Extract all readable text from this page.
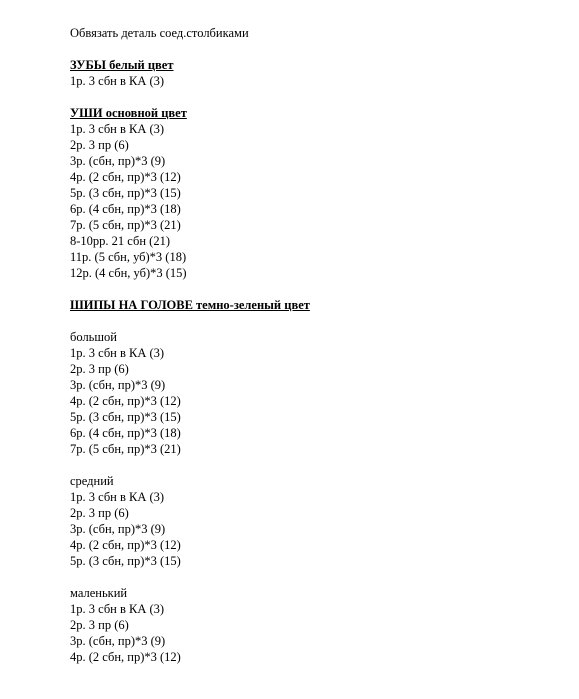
Обвязать деталь соед.столбиками
ЗУБЫ белый цвет
1р. 3 сбн в КА (3)
УШИ основной цвет
1р. 3 сбн в КА (3)
2р. 3 пр (6)
3р. (сбн, пр)*3 (9)
4р. (2 сбн, пр)*3 (12)
5р. (3 сбн, пр)*3 (15)
6р. (4 сбн, пр)*3 (18)
7р. (5 сбн, пр)*3 (21)
8-10рр. 21 сбн (21)
11р. (5 сбн, уб)*3 (18)
12р. (4 сбн, уб)*3 (15)
ШИПЫ НА ГОЛОВЕ темно-зеленый цвет
большой
1р. 3 сбн в КА (3)
2р. 3 пр (6)
3р. (сбн, пр)*3 (9)
4р. (2 сбн, пр)*3 (12)
5р. (3 сбн, пр)*3 (15)
6р. (4 сбн, пр)*3 (18)
7р. (5 сбн, пр)*3 (21)
средний
1р. 3 сбн в КА (3)
2р. 3 пр (6)
3р. (сбн, пр)*3 (9)
4р. (2 сбн, пр)*3 (12)
5р. (3 сбн, пр)*3 (15)
маленький
1р. 3 сбн в КА (3)
2р. 3 пр (6)
3р. (сбн, пр)*3 (9)
4р. (2 сбн, пр)*3 (12)
